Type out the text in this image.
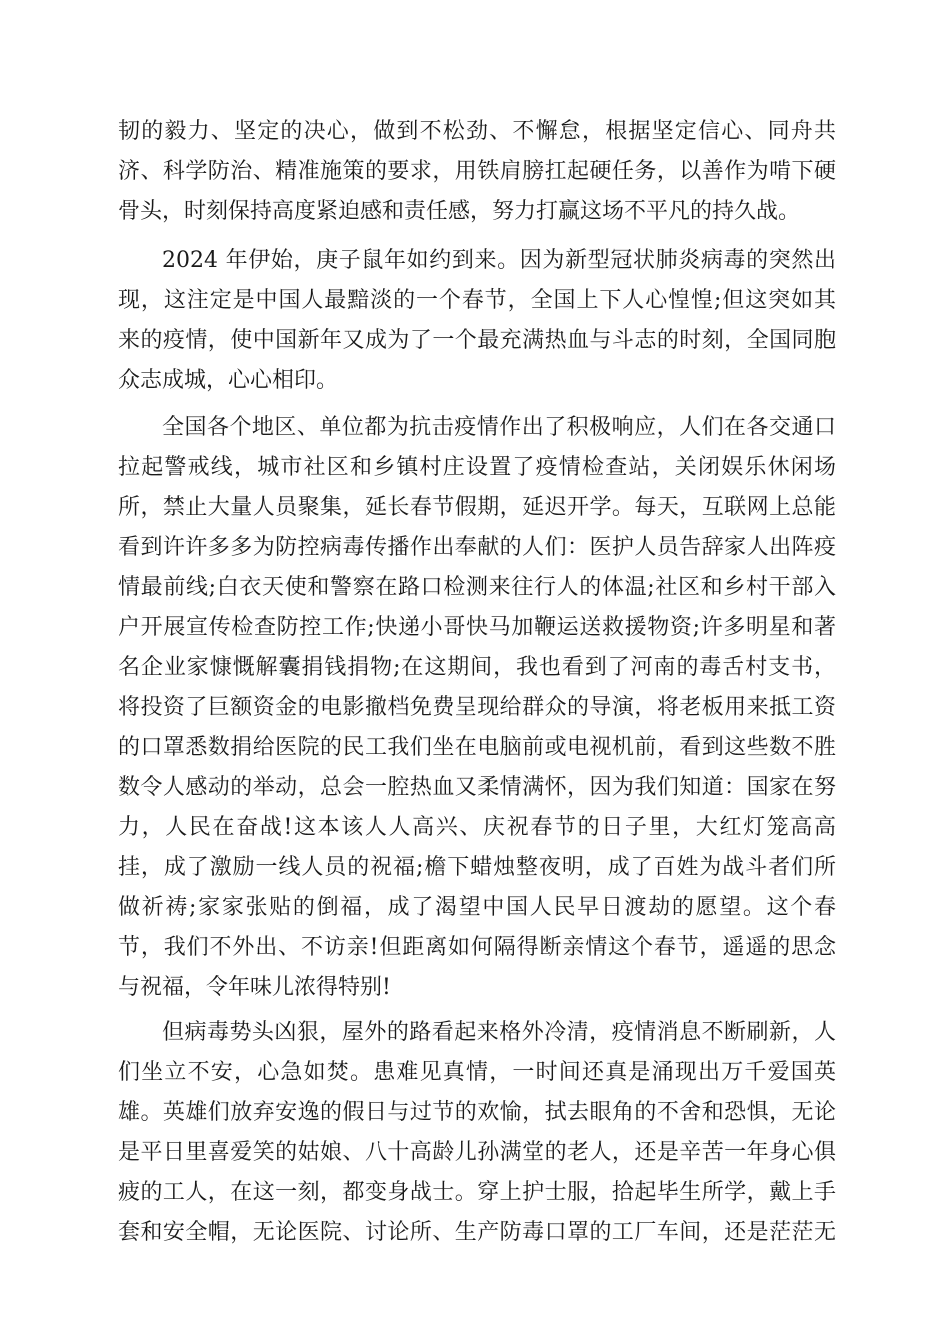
韧的毅力、坚定的决心，做到不松劲、不懈怠，根据坚定信心、同舟共
济、科学防治、精准施策的要求，用铁肩膀扛起硬任务，以善作为啃下硬
骨头，时刻保持高度紧迫感和责任感，努力打赢这场不平凡的持久战。

2024 年伊始，庚子鼠年如约到来。因为新型冠状肺炎病毒的突然出
现，这注定是中国人最黯淡的一个春节，全国上下人心惶惶;但这突如其
来的疫情，使中国新年又成为了一个最充满热血与斗志的时刻，全国同胞
众志成城，心心相印。

全国各个地区、单位都为抗击疫情作出了积极响应，人们在各交通口
拉起警戒线，城市社区和乡镇村庄设置了疫情检查站，关闭娱乐休闲场
所，禁止大量人员聚集，延长春节假期，延迟开学。每天，互联网上总能
看到许许多多为防控病毒传播作出奉献的人们：医护人员告辞家人出阵疫
情最前线;白衣天使和警察在路口检测来往行人的体温;社区和乡村干部入
户开展宣传检查防控工作;快递小哥快马加鞭运送救援物资;许多明星和著
名企业家慷慨解囊捐钱捐物;在这期间，我也看到了河南的毒舌村支书，
将投资了巨额资金的电影撤档免费呈现给群众的导演，将老板用来抵工资
的口罩悉数捐给医院的民工我们坐在电脑前或电视机前，看到这些数不胜
数令人感动的举动，总会一腔热血又柔情满怀，因为我们知道：国家在努
力，人民在奋战!这本该人人高兴、庆祝春节的日子里，大红灯笼高高
挂，成了激励一线人员的祝福;檐下蜡烛整夜明，成了百姓为战斗者们所
做祈祷;家家张贴的倒福，成了渴望中国人民早日渡劫的愿望。这个春
节，我们不外出、不访亲!但距离如何隔得断亲情这个春节，遥遥的思念
与祝福，令年味儿浓得特别!

但病毒势头凶狠，屋外的路看起来格外冷清，疫情消息不断刷新，人
们坐立不安，心急如焚。患难见真情，一时间还真是涌现出万千爱国英
雄。英雄们放弃安逸的假日与过节的欢愉，拭去眼角的不舍和恐惧，无论
是平日里喜爱笑的姑娘、八十高龄儿孙满堂的老人，还是辛苦一年身心俱
疲的工人，在这一刻，都变身战士。穿上护士服，拾起毕生所学，戴上手
套和安全帽，无论医院、讨论所、生产防毒口罩的工厂车间，还是茫茫无
